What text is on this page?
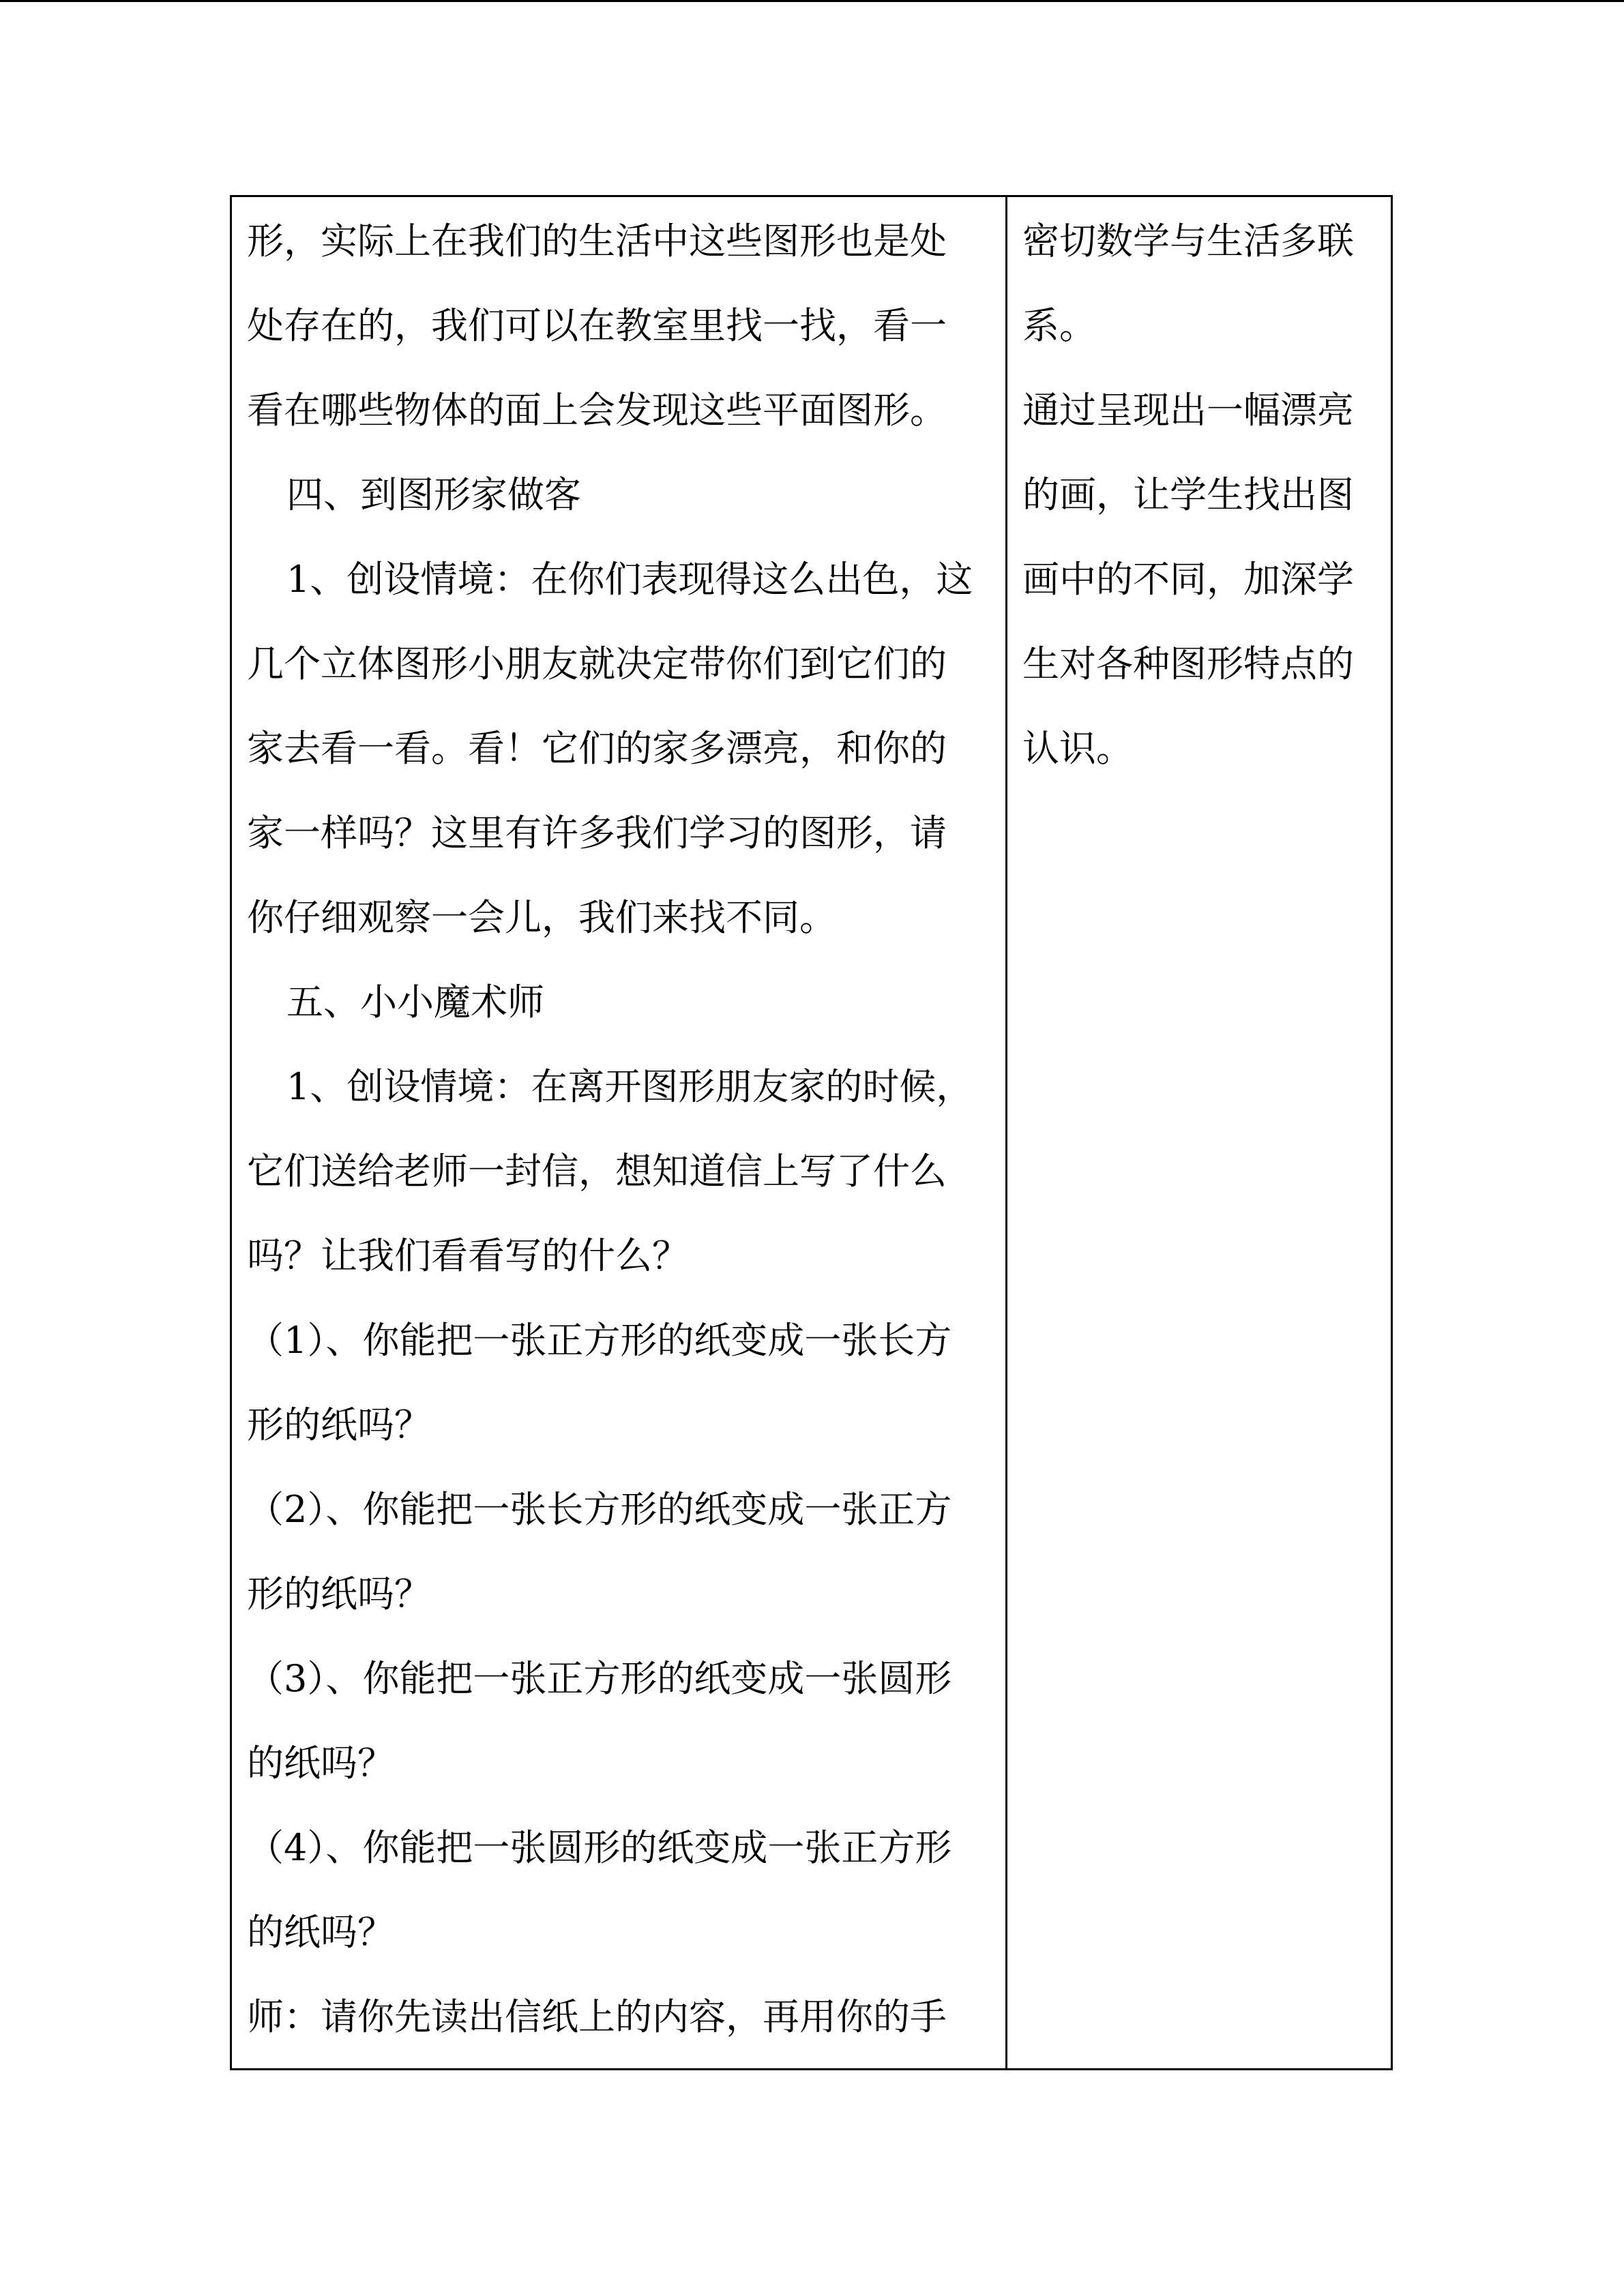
形，实际上在我们的生活中这些图形也是处
处存在的，我们可以在教室里找一找，看一
看在哪些物体的面上会发现这些平面图形。
四、到图形家做客
1、创设情境：在你们表现得这么出色，这
几个立体图形小朋友就决定带你们到它们的
家去看一看。看！它们的家多漂亮，和你的
家一样吗？这里有许多我们学习的图形，请
你仔细观察一会儿，我们来找不同。
五、小小魔术师
1、创设情境：在离开图形朋友家的时候，
它们送给老师一封信，想知道信上写了什么
吗？让我们看看写的什么？
（1）、你能把一张正方形的纸变成一张长方
形的纸吗？
（2）、你能把一张长方形的纸变成一张正方
形的纸吗？
（3）、你能把一张正方形的纸变成一张圆形
的纸吗？
（4）、你能把一张圆形的纸变成一张正方形
的纸吗？
师：请你先读出信纸上的内容，再用你的手
密切数学与生活多联
系。
通过呈现出一幅漂亮
的画，让学生找出图
画中的不同，加深学
生对各种图形特点的
认识。
